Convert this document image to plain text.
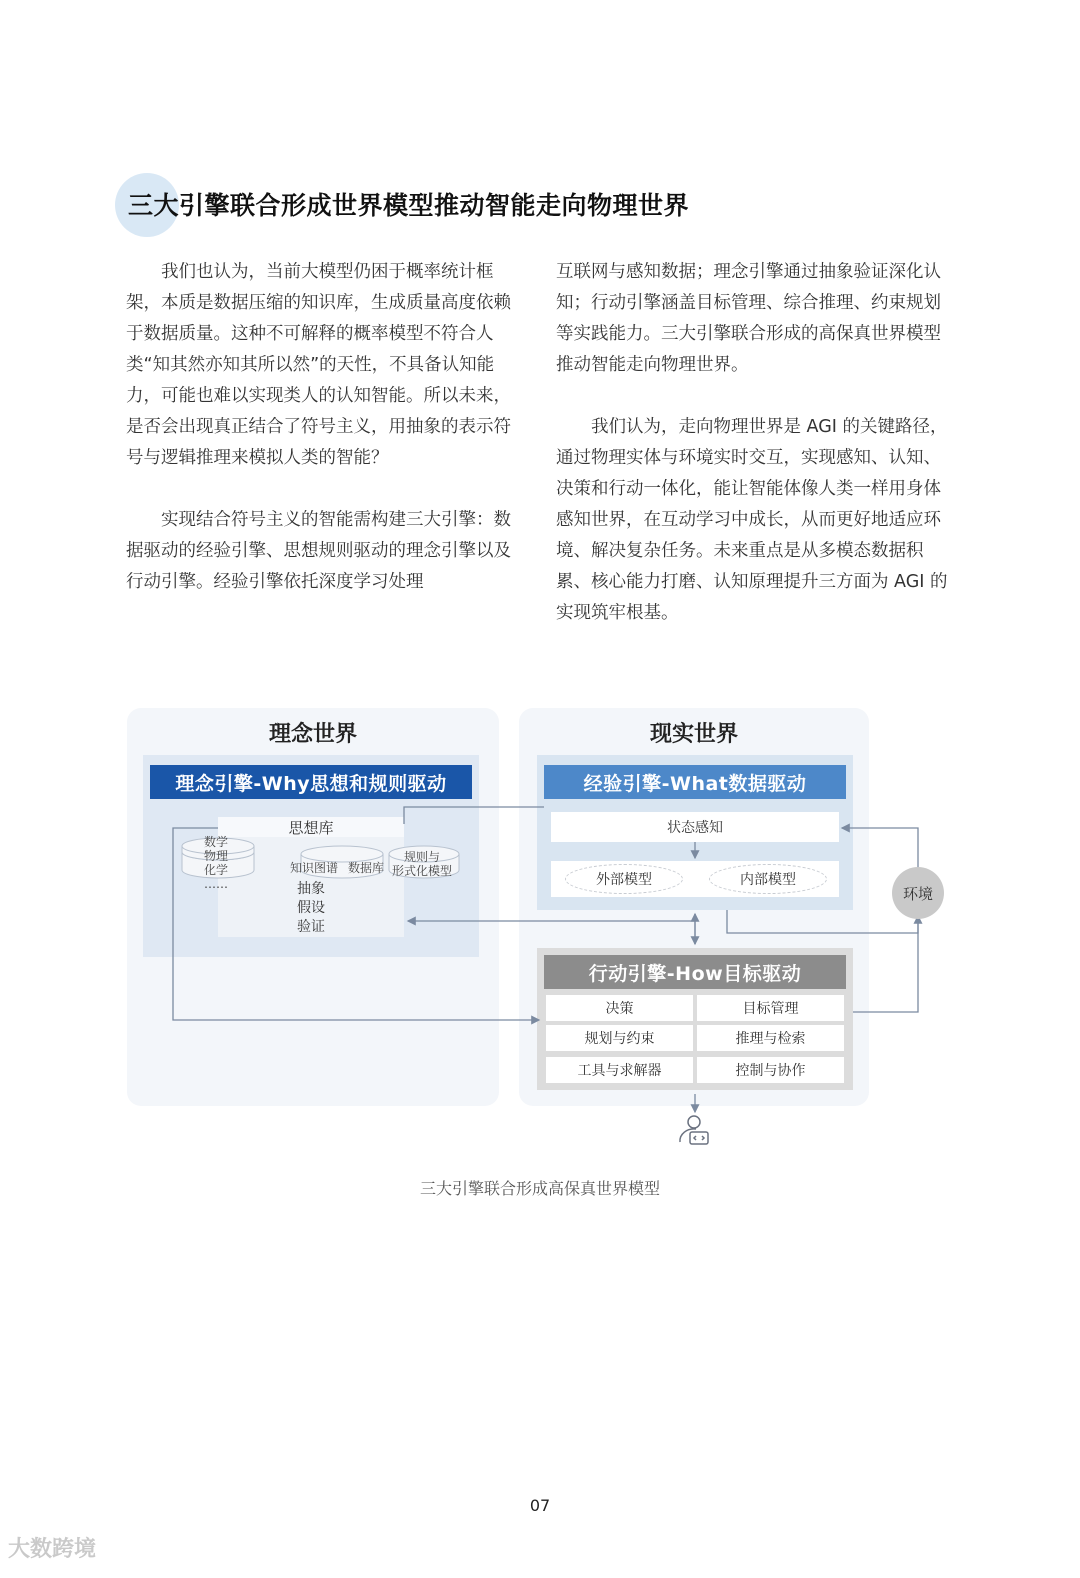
三大引擎联合形成世界模型推动智能走向物理世界

我们也认为，当前大模型仍困于概率统计框架，本质是数据压缩的知识库，生成质量高度依赖于数据质量。这种不可解释的概率模型不符合人类“知其然亦知其所以然”的天性，不具备认知能力，可能也难以实现类人的认知智能。所以未来，是否会出现真正结合了符号主义，用抽象的表示符号与逻辑推理来模拟人类的智能？

实现结合符号主义的智能需构建三大引擎：数据驱动的经验引擎、思想规则驱动的理念引擎以及行动引擎。经验引擎依托深度学习处理

互联网与感知数据；理念引擎通过抽象验证深化认知；行动引擎涵盖目标管理、综合推理、约束规划等实践能力。三大引擎联合形成的高保真世界模型推动智能走向物理世界。

我们认为，走向物理世界是 AGI 的关键路径，通过物理实体与环境实时交互，实现感知、认知、决策和行动一体化，能让智能体像人类一样用身体感知世界，在互动学习中成长，从而更好地适应环境、解决复杂任务。未来重点是从多模态数据积累、核心能力打磨、认知原理提升三方面为 AGI 的实现筑牢根基。

理念世界	现实世界
理念引擎-Why思想和规则驱动
思想库
经验引擎-What数据驱动
状态感知
外部模型	内部模型
行动引擎-How目标驱动
决策	目标管理
规划与约束	推理与检索
工具与求解器	控制与协作
数学
物理
化学
……
知识图谱 数据库
规则与
形式化模型
抽象
假设
验证
环境
三大引擎联合形成高保真世界模型
07
大数跨境
